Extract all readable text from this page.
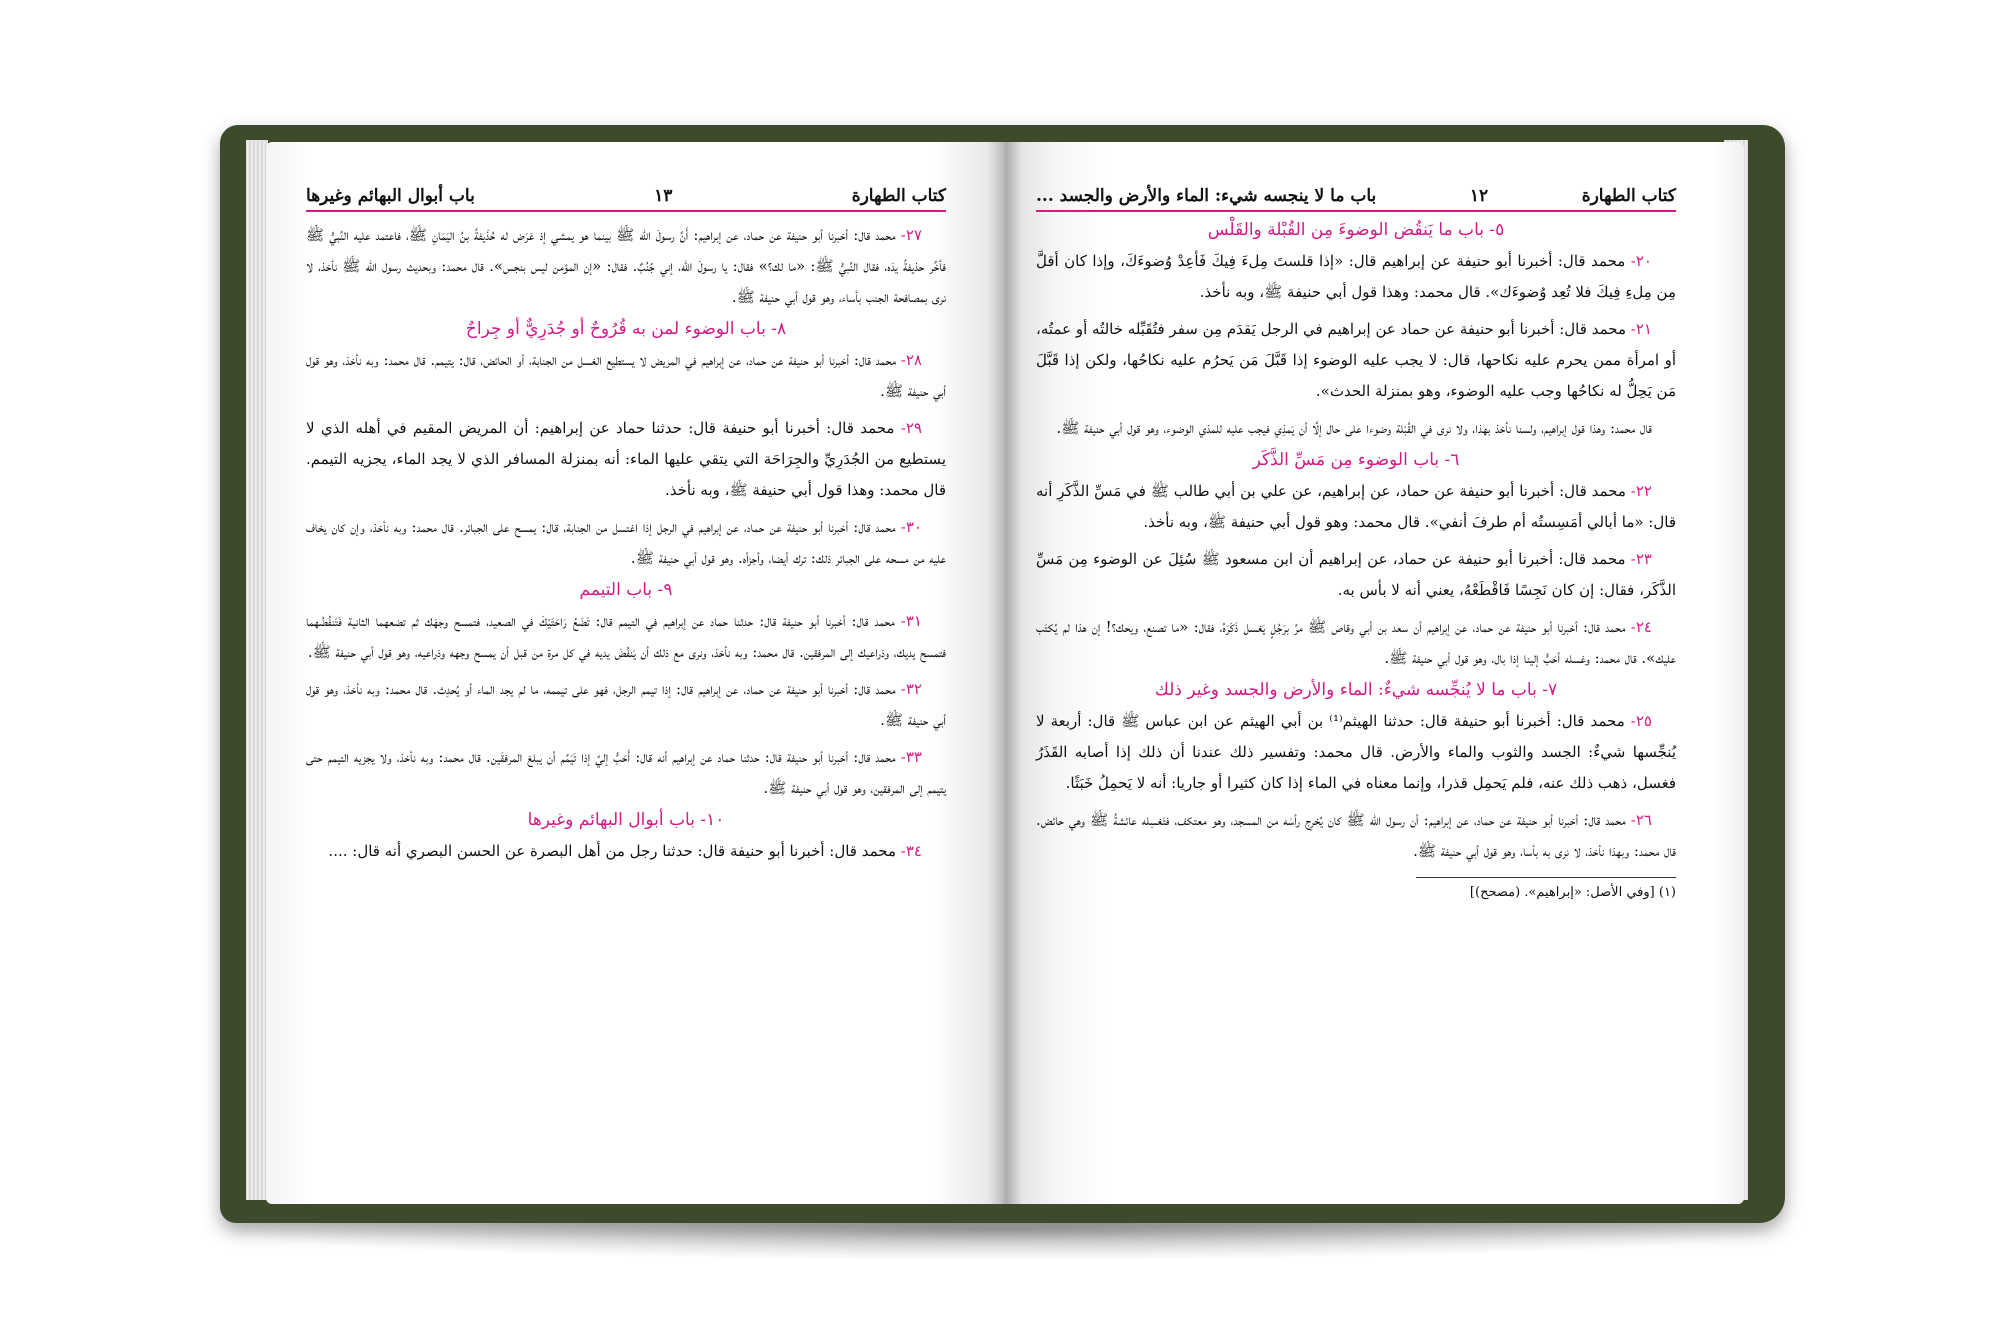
كتاب الطهارة
١٣
باب أبوال البهائم وغيرها

٢٧- محمد قال: أخبرنا أبو حنيفة عن حماد، عن إبراهيم: أَنَّ رسولَ الله ﷺ بينما هو يمشي إذ عَرَض له حُذَيفةُ بنُ اليَمَانِ ﷺ، فاعتمد عليه النَّبيُّ ﷺ فأخَّر حذيفةُ يدَه، فقال النَّبيُّ ﷺ: «ما لك؟» فقال: يا رسولَ الله، إني جُنُبٌ. فقال: «إن المؤمن ليس بنجس». قال محمد: وبحديث رسول الله ﷺ نأخذ، لا نرى بمصافحة الجنب بأساء، وهو قول أبي حنيفة ﷺ.

٨- باب الوضوء لمن به قُرُوحٌ أو جُدَرِيٌّ أو جِراحٌ

٢٨- محمد قال: أخبرنا أبو حنيفة عن حماد، عن إبراهيم في المريض لا يستطيع الغسل من الجنابة، أو الحائض، قال: يتيمم. قال محمد: وبه نأخذ، وهو قول أبي حنيفة ﷺ.

٢٩- محمد قال: أخبرنا أبو حنيفة قال: حدثنا حماد عن إبراهيم: أن المريض المقيم في أهله الذي لا يستطيع من الجُدَرِيِّ والجِرَاحَة التي يتقي عليها الماء: أنه بمنزلة المسافر الذي لا يجد الماء، يجزيه التيمم. قال محمد: وهذا قول أبي حنيفة ﷺ، وبه نأخذ.

٣٠- محمد قال: أخبرنا أبو حنيفة عن حماد، عن إبراهيم في الرجل إذا اغتسل من الجنابة، قال: يمسح على الجبائر. قال محمد: وبه نأخذ، وإن كان يخاف عليه من مسحه على الجبائر ذلك: ترك أيضا، وأجزأه. وهو قول أبي حنيفة ﷺ.

٩- باب التيمم

٣١- محمد قال: أخبرنا أبو حنيفة قال: حدثنا حماد عن إبراهيم في التيمم قال: تَضَعُ رَاحَتَيْكَ في الصعيد، فتمسح وجهَك ثم تضعهما الثانية فَتَنفُضُهما فتمسح يديك، وذراعيك إلى المرفقين. قال محمد: وبه نأخذ، ونرى مع ذلك أن يَنفُضَ يديه في كل مرة من قبل أن يمسح وجهه وذراعيه، وهو قول أبي حنيفة ﷺ.

٣٢- محمد قال: أخبرنا أبو حنيفة عن حماد، عن إبراهيم قال: إذا تيمم الرجل، فهو على تيممه، ما لم يجد الماء أو يُحدِث. قال محمد: وبه نأخذ، وهو قول أبي حنيفة ﷺ.

٣٣- محمد قال: أخبرنا أبو حنيفة قال: حدثنا حماد عن إبراهيم أنه قال: أَحَبُّ إليَّ إذا تَيَمَّم أن يبلغ المرفقَين. قال محمد: وبه نأخذ، ولا يجزيه التيمم حتى يتيمم إلى المرفقين، وهو قول أبي حنيفة ﷺ.

١٠- باب أبوال البهائم وغيرها

٣٤- محمد قال: أخبرنا أبو حنيفة قال: حدثنا رجل من أهل البصرة عن الحسن البصري أنه قال: ....

كتاب الطهارة
١٢
باب ما لا ينجسه شيء: الماء والأرض والجسد ...
٥- باب ما يَنقُض الوضوءَ مِن القُبْلة والقَلْس

٢٠- محمد قال: أخبرنا أبو حنيفة عن إبراهيم قال: «إذا قلستَ مِلءَ فِيكَ فَأعِدْ وُضوءَكَ، وإذا كان أقلَّ مِن مِلءِ فِيكَ فلا تُعِد وُضوءَك». قال محمد: وهذا قول أبي حنيفة ﷺ، وبه نأخذ.

٢١- محمد قال: أخبرنا أبو حنيفة عن حماد عن إبراهيم في الرجل يَقدَم مِن سفر فتُقَبِّله خالتُه أو عمتُه، أو امرأة ممن يحرم عليه نكاحها، قال: لا يجب عليه الوضوء إذا قَبَّلَ مَن يَحرُم عليه نكاحُها، ولكن إذا قَبَّلَ مَن يَحِلُّ له نكاحُها وجب عليه الوضوء، وهو بمنزلة الحدث».

قال محمد: وهذا قول إبراهيم، ولسنا نأخذ بهذا، ولا نرى في القُبْلة وضوءا على حال إلَّا أن يَمذِي فيجب عليه للمذي الوضوء، وهو قول أبي حنيفة ﷺ.

٦- باب الوضوء مِن مَسِّ الذَّكَر

٢٢- محمد قال: أخبرنا أبو حنيفة عن حماد، عن إبراهيم، عن علي بن أبي طالب ﷺ في مَسِّ الذَّكَرِ أنه قال: «ما أبالي أمَسِستُه أم طرفَ أنفي». قال محمد: وهو قول أبي حنيفة ﷺ، وبه نأخذ.

٢٣- محمد قال: أخبرنا أبو حنيفة عن حماد، عن إبراهيم أن ابن مسعود ﷺ سُئِلَ عن الوضوء مِن مَسِّ الذَّكَر، فقال: إن كان نَجِسًا فَاقْطَعْهُ، يعني أنه لا بأس به.

٢٤- محمد قال: أخبرنا أبو حنيفة عن حماد، عن إبراهيم أن سعد بن أبي وقاص ﷺ مرَّ برَجُلٍ يَغسل ذَكَرَهُ، فقال: «ما تصنع، ويحك؟! إن هذا لم يُكتَب عليك». قال محمد: وغسله أحَبُّ إلينا إذا بال، وهو قول أبي حنيفة ﷺ.

٧- باب ما لا يُنجِّسه شيءٌ: الماء والأرض والجسد وغير ذلك

٢٥- محمد قال: أخبرنا أبو حنيفة قال: حدثنا الهيثم⁽¹⁾ بن أبي الهيثم عن ابن عباس ﷺ قال: أربعة لا يُنجِّسها شيءٌ: الجسد والثوب والماء والأرض. قال محمد: وتفسير ذلك عندنا أن ذلك إذا أصابه القَذَرُ فغسل، ذهب ذلك عنه، فلم يَحمِل قذرا، وإنما معناه في الماء إذا كان كثيرا أو جاريا: أنه لا يَحمِلُ خَبَثًا.

٢٦- محمد قال: أخبرنا أبو حنيفة عن حماد، عن إبراهيم: أن رسول الله ﷺ كان يُخرِج رأسَه من المسجد، وهو معتكف، فتَغسِله عائشةُ ﷺ وهي حائض. قال محمد: وبهذا نأخذ، لا نرى به بأسا، وهو قول أبي حنيفة ﷺ.

(١) [وفي الأصل: «إبراهيم». (مصحح)]
